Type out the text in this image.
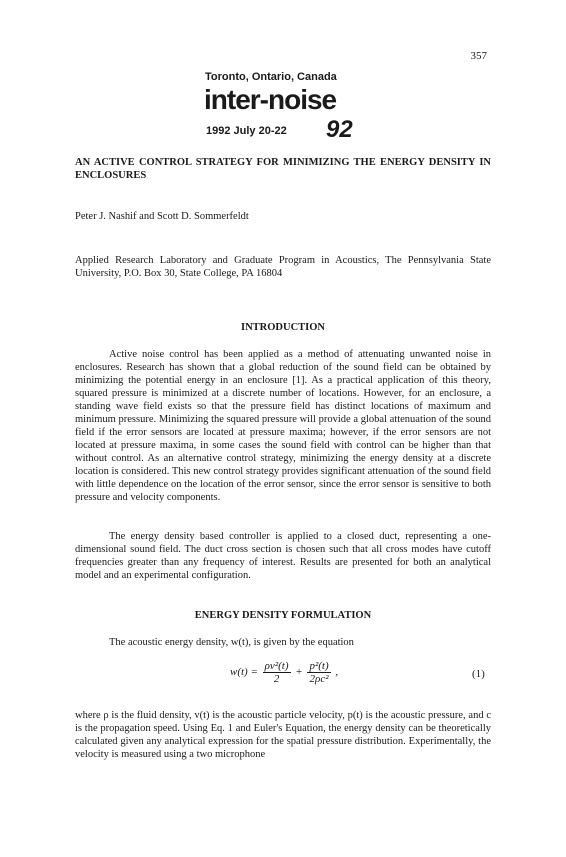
357
Toronto, Ontario, Canada
inter-noise
1992 July 20-22 92
AN ACTIVE CONTROL STRATEGY FOR MINIMIZING THE ENERGY DENSITY IN ENCLOSURES
Peter J. Nashif and Scott D. Sommerfeldt
Applied Research Laboratory and Graduate Program in Acoustics, The Pennsylvania State University, P.O. Box 30, State College, PA 16804
INTRODUCTION
Active noise control has been applied as a method of attenuating unwanted noise in enclosures. Research has shown that a global reduction of the sound field can be obtained by minimizing the potential energy in an enclosure [1]. As a practical application of this theory, squared pressure is minimized at a discrete number of locations. However, for an enclosure, a standing wave field exists so that the pressure field has distinct locations of maximum and minimum pressure. Minimizing the squared pressure will provide a global attenuation of the sound field if the error sensors are located at pressure maxima; however, if the error sensors are not located at pressure maxima, in some cases the sound field with control can be higher than that without control. As an alternative control strategy, minimizing the energy density at a discrete location is considered. This new control strategy provides significant attenuation of the sound field with little dependence on the location of the error sensor, since the error sensor is sensitive to both pressure and velocity components.
The energy density based controller is applied to a closed duct, representing a one-dimensional sound field. The duct cross section is chosen such that all cross modes have cutoff frequencies greater than any frequency of interest. Results are presented for both an analytical model and an experimental configuration.
ENERGY DENSITY FORMULATION
The acoustic energy density, w(t), is given by the equation
$w(t) = \frac{\text{ρv²(t)}}{2} + \frac{\text{p²(t)}}{\text{2ρc²}}$ ,	(1)
where ρ is the fluid density, v(t) is the acoustic particle velocity, p(t) is the acoustic pressure, and c is the propagation speed. Using Eq. 1 and Euler's Equation, the energy density can be theoretically calculated given any analytical expression for the spatial pressure distribution. Experimentally, the velocity is measured using a two microphone
